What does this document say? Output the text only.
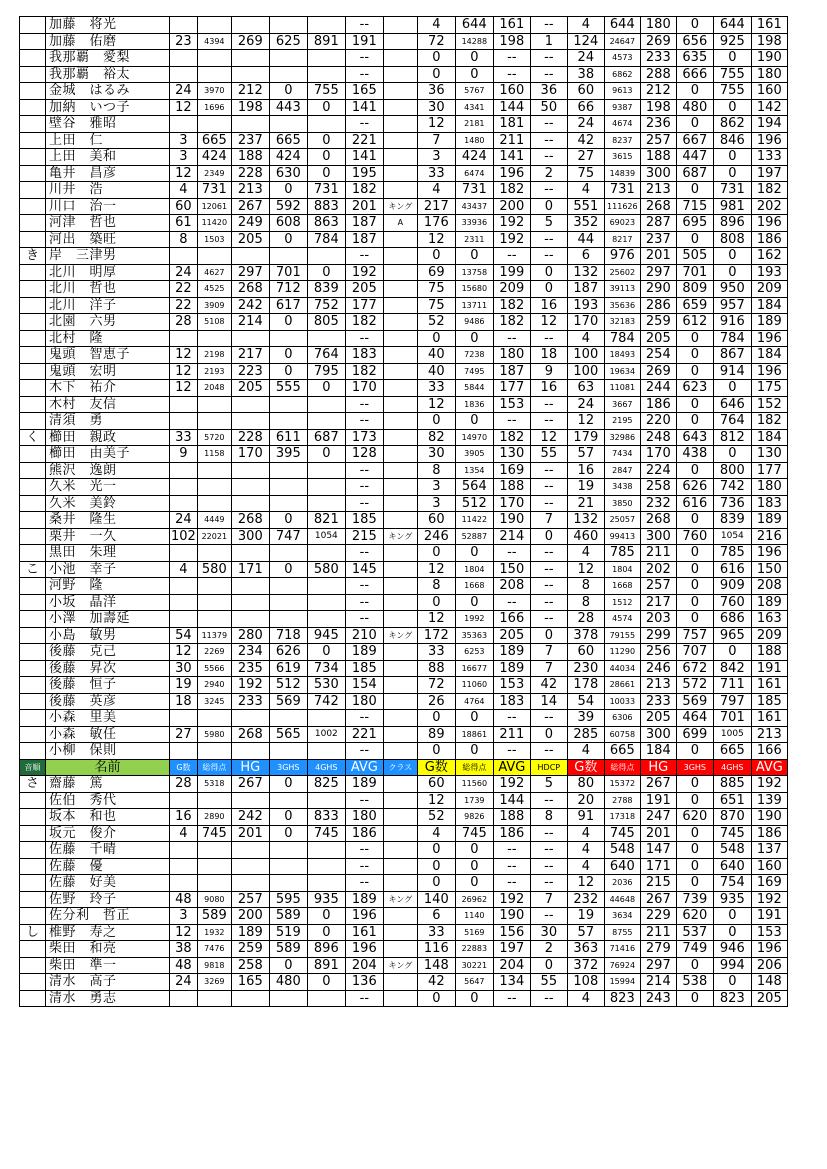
	加藤　将光						--		4	644	161	--	4	644	180	0	644	161
	加藤　佑磨	23	4394	269	625	891	191		72	14288	198	1	124	24647	269	656	925	198
	我那覇　愛梨						--		0	0	--	--	24	4573	233	635	0	190
	我那覇　裕太						--		0	0	--	--	38	6862	288	666	755	180
	金城　はるみ	24	3970	212	0	755	165		36	5767	160	36	60	9613	212	0	755	160
	加納　いつ子	12	1696	198	443	0	141		30	4341	144	50	66	9387	198	480	0	142
	壁谷　雅昭						--		12	2181	181	--	24	4674	236	0	862	194
	上田　仁	3	665	237	665	0	221		7	1480	211	--	42	8237	257	667	846	196
	上田　美和	3	424	188	424	0	141		3	424	141	--	27	3615	188	447	0	133
	亀井　昌彦	12	2349	228	630	0	195		33	6474	196	2	75	14839	300	687	0	197
	川井　浩	4	731	213	0	731	182		4	731	182	--	4	731	213	0	731	182
	川口　治一	60	12061	267	592	883	201	キング	217	43437	200	0	551	111626	268	715	981	202
	河津　哲也	61	11420	249	608	863	187	A	176	33936	192	5	352	69023	287	695	896	196
	河出　築旺	8	1503	205	0	784	187		12	2311	192	--	44	8217	237	0	808	186
き	岸　三津男						--		0	0	--	--	6	976	201	505	0	162
	北川　明厚	24	4627	297	701	0	192		69	13758	199	0	132	25602	297	701	0	193
	北川　哲也	22	4525	268	712	839	205		75	15680	209	0	187	39113	290	809	950	209
	北川　洋子	22	3909	242	617	752	177		75	13711	182	16	193	35636	286	659	957	184
	北園　六男	28	5108	214	0	805	182		52	9486	182	12	170	32183	259	612	916	189
	北村　隆						--		0	0	--	--	4	784	205	0	784	196
	鬼頭　智恵子	12	2198	217	0	764	183		40	7238	180	18	100	18493	254	0	867	184
	鬼頭　宏明	12	2193	223	0	795	182		40	7495	187	9	100	19634	269	0	914	196
	木下　祐介	12	2048	205	555	0	170		33	5844	177	16	63	11081	244	623	0	175
	木村　友信						--		12	1836	153	--	24	3667	186	0	646	152
	清須　勇						--		0	0	--	--	12	2195	220	0	764	182
く	櫛田　親政	33	5720	228	611	687	173		82	14970	182	12	179	32986	248	643	812	184
	櫛田　由美子	9	1158	170	395	0	128		30	3905	130	55	57	7434	170	438	0	130
	熊沢　逸朗						--		8	1354	169	--	16	2847	224	0	800	177
	久米　光一						--		3	564	188	--	19	3438	258	626	742	180
	久米　美鈴						--		3	512	170	--	21	3850	232	616	736	183
	桑井　隆生	24	4449	268	0	821	185		60	11422	190	7	132	25057	268	0	839	189
	栗井　一久	102	22021	300	747	1054	215	キング	246	52887	214	0	460	99413	300	760	1054	216
	黒田　朱理						--		0	0	--	--	4	785	211	0	785	196
こ	小池　幸子	4	580	171	0	580	145		12	1804	150	--	12	1804	202	0	616	150
	河野　隆						--		8	1668	208	--	8	1668	257	0	909	208
	小坂　晶洋						--		0	0	--	--	8	1512	217	0	760	189
	小澤　加壽延						--		12	1992	166	--	28	4574	203	0	686	163
	小島　敏男	54	11379	280	718	945	210	キング	172	35363	205	0	378	79155	299	757	965	209
	後藤　克己	12	2269	234	626	0	189		33	6253	189	7	60	11290	256	707	0	188
	後藤　昇次	30	5566	235	619	734	185		88	16677	189	7	230	44034	246	672	842	191
	後藤　恒子	19	2940	192	512	530	154		72	11060	153	42	178	28661	213	572	711	161
	後藤　英彦	18	3245	233	569	742	180		26	4764	183	14	54	10033	233	569	797	185
	小森　里美						--		0	0	--	--	39	6306	205	464	701	161
	小森　敏任	27	5980	268	565	1002	221		89	18861	211	0	285	60758	300	699	1005	213
	小柳　保則						--		0	0	--	--	4	665	184	0	665	166
音順	名前	G数	総得点	HG	3GHS	4GHS	AVG	クラス	G数	総得点	AVG	HDCP	G数	総得点	HG	3GHS	4GHS	AVG
さ	齋藤　篤	28	5318	267	0	825	189		60	11560	192	5	80	15372	267	0	885	192
	佐伯　秀代						--		12	1739	144	--	20	2788	191	0	651	139
	坂本　和也	16	2890	242	0	833	180		52	9826	188	8	91	17318	247	620	870	190
	坂元　俊介	4	745	201	0	745	186		4	745	186	--	4	745	201	0	745	186
	佐藤　千晴						--		0	0	--	--	4	548	147	0	548	137
	佐藤　優						--		0	0	--	--	4	640	171	0	640	160
	佐藤　好美						--		0	0	--	--	12	2036	215	0	754	169
	佐野　玲子	48	9080	257	595	935	189	キング	140	26962	192	7	232	44648	267	739	935	192
	佐分利　哲正	3	589	200	589	0	196		6	1140	190	--	19	3634	229	620	0	191
し	椎野　寿之	12	1932	189	519	0	161		33	5169	156	30	57	8755	211	537	0	153
	柴田　和亮	38	7476	259	589	896	196		116	22883	197	2	363	71416	279	749	946	196
	柴田　準一	48	9818	258	0	891	204	キング	148	30221	204	0	372	76924	297	0	994	206
	清水　高子	24	3269	165	480	0	136		42	5647	134	55	108	15994	214	538	0	148
	清水　勇志						--		0	0	--	--	4	823	243	0	823	205
